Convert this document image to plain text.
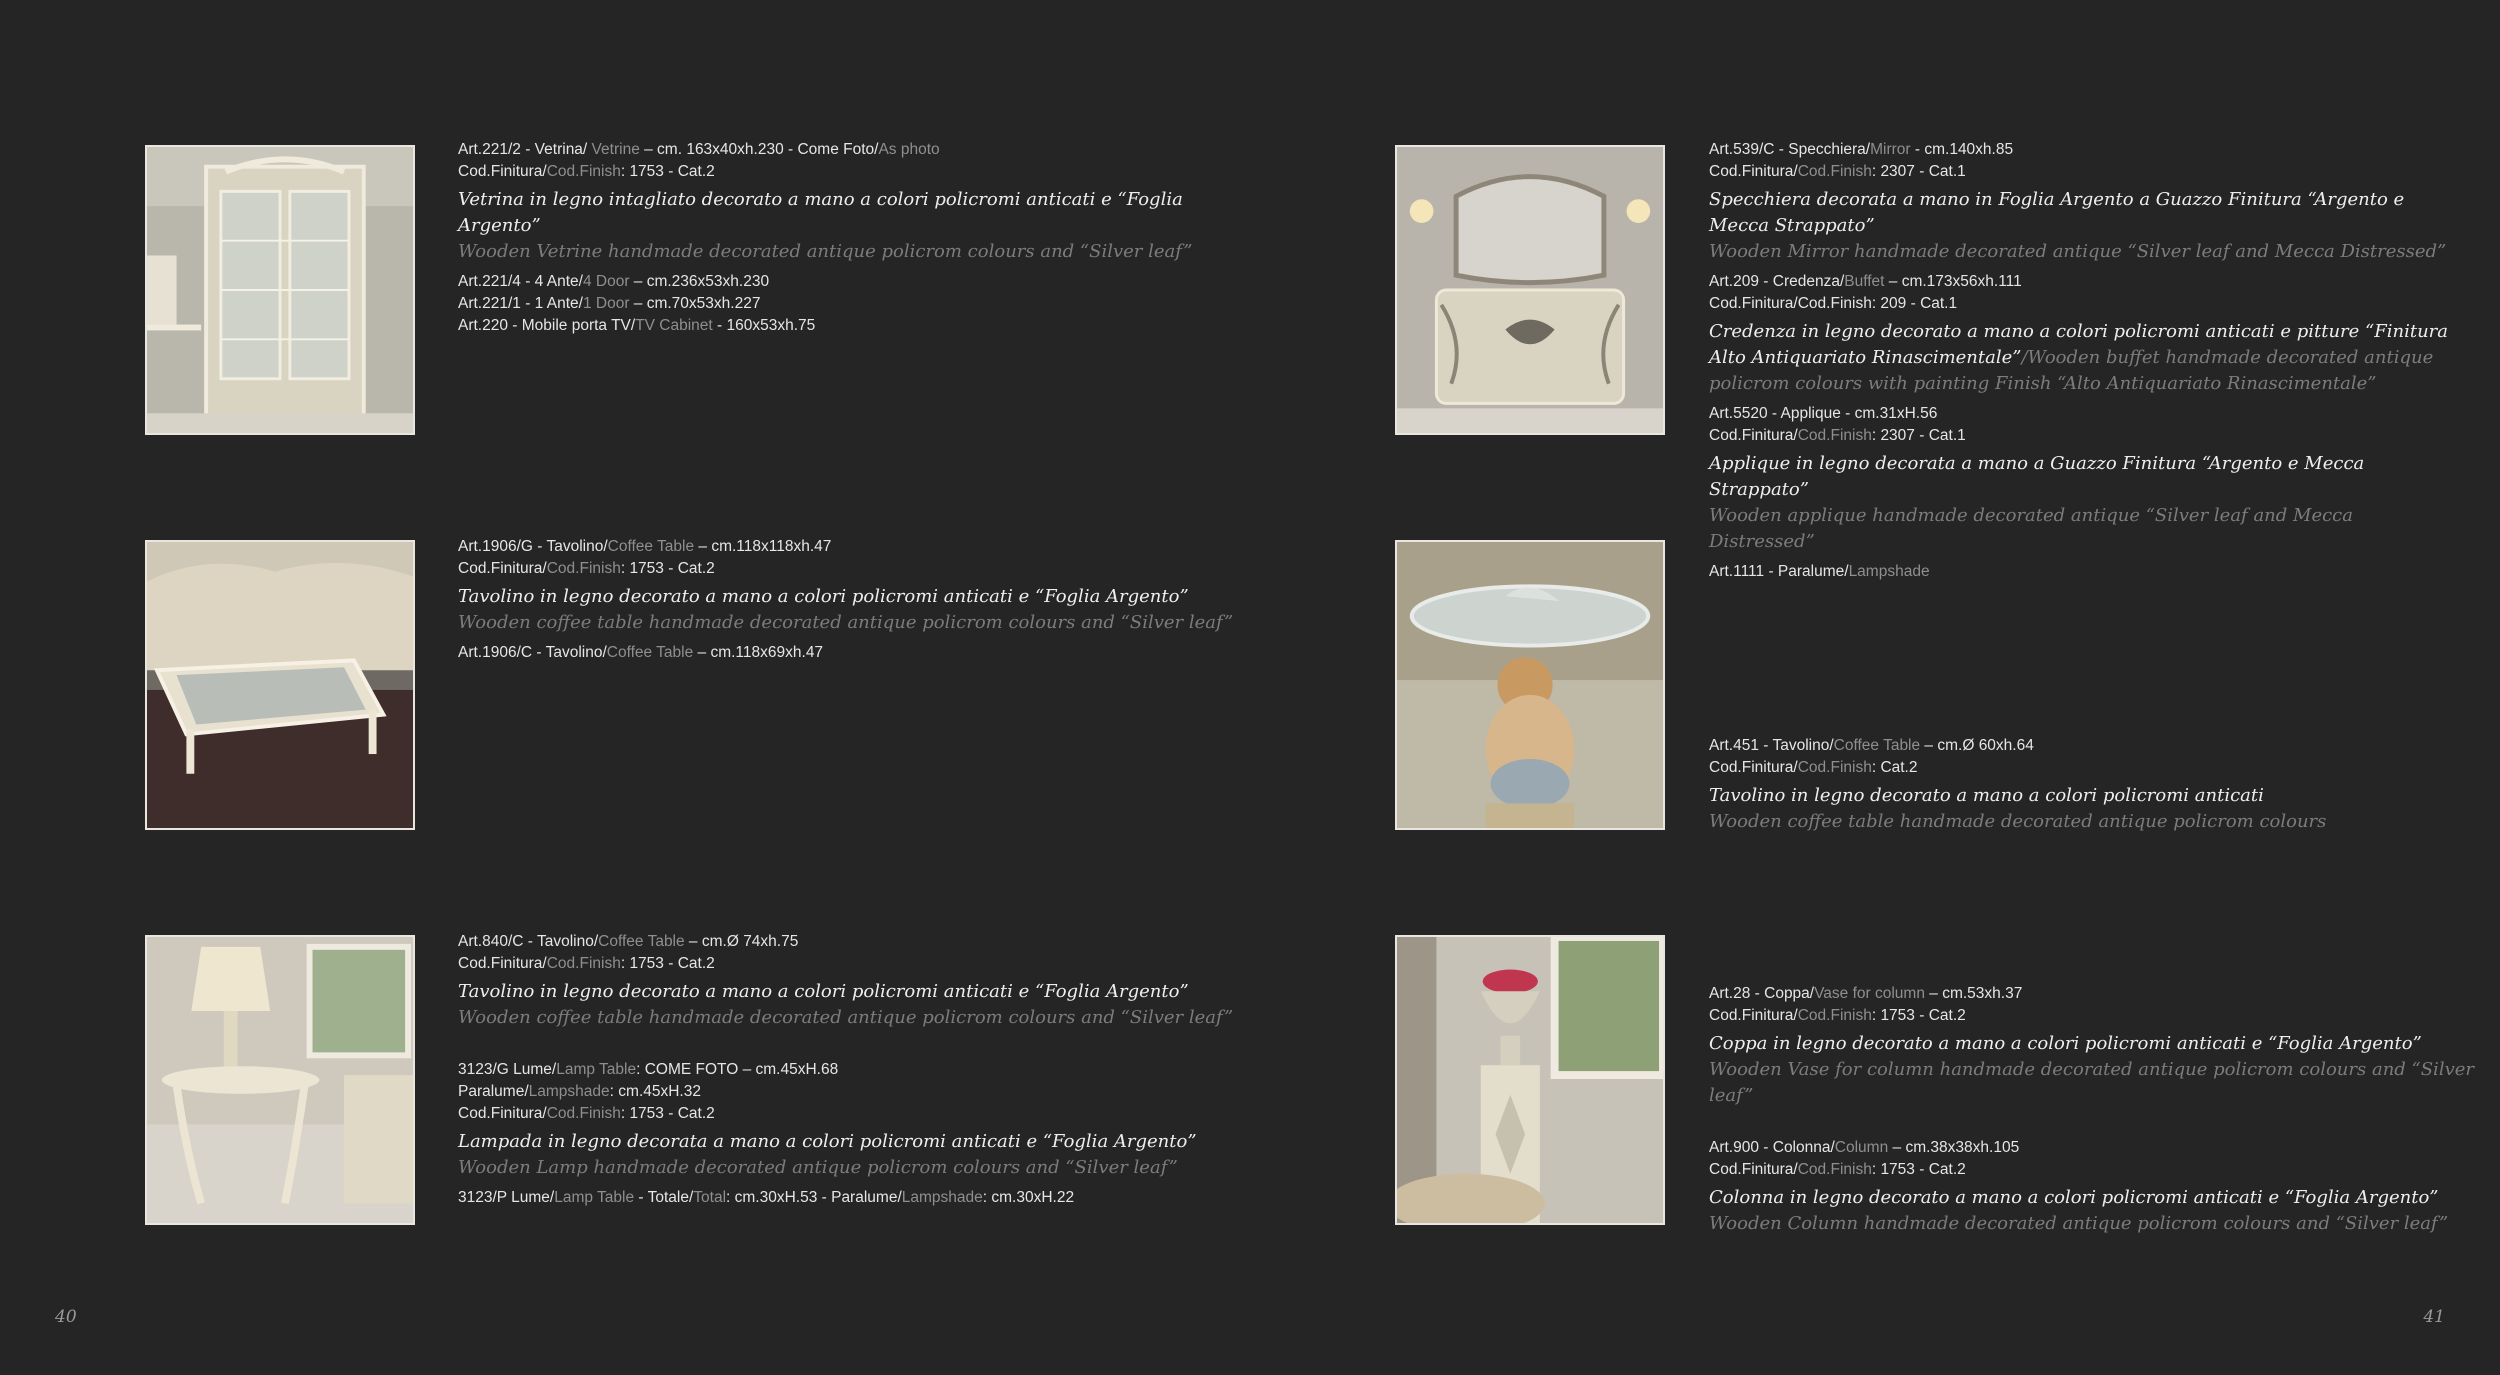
Art.221/2 - Vetrina/ Vetrine – cm. 163x40xh.230 - Come Foto/As photo

Cod.Finitura/Cod.Finish: 1753 - Cat.2

Vetrina in legno intagliato decorato a mano a colori policromi anticati e “Foglia Argento”

Wooden Vetrine handmade decorated antique policrom colours and “Silver leaf”

Art.221/4 - 4 Ante/4 Door – cm.236x53xh.230

Art.221/1 - 1 Ante/1 Door – cm.70x53xh.227

Art.220 - Mobile porta TV/TV Cabinet - 160x53xh.75

Art.1906/G - Tavolino/Coffee Table – cm.118x118xh.47

Cod.Finitura/Cod.Finish: 1753 - Cat.2

Tavolino in legno decorato a mano a colori policromi anticati e “Foglia Argento”

Wooden coffee table handmade decorated antique policrom colours and “Silver leaf”

Art.1906/C - Tavolino/Coffee Table – cm.118x69xh.47

Art.840/C - Tavolino/Coffee Table – cm.Ø 74xh.75

Cod.Finitura/Cod.Finish: 1753 - Cat.2

Tavolino in legno decorato a mano a colori policromi anticati e “Foglia Argento”

Wooden coffee table handmade decorated antique policrom colours and “Silver leaf”

3123/G Lume/Lamp Table: COME FOTO – cm.45xH.68

Paralume/Lampshade: cm.45xH.32

Cod.Finitura/Cod.Finish: 1753 - Cat.2

Lampada in legno decorata a mano a colori policromi anticati e “Foglia Argento”

Wooden Lamp handmade decorated antique policrom colours and “Silver leaf”

3123/P Lume/Lamp Table - Totale/Total: cm.30xH.53 - Paralume/Lampshade: cm.30xH.22

Art.539/C - Specchiera/Mirror - cm.140xh.85

Cod.Finitura/Cod.Finish: 2307 - Cat.1

Specchiera decorata a mano in Foglia Argento a Guazzo Finitura “Argento e Mecca Strappato”

Wooden Mirror handmade decorated antique “Silver leaf and Mecca Distressed”

Art.209 - Credenza/Buffet – cm.173x56xh.111

Cod.Finitura/Cod.Finish: 209 - Cat.1

Credenza in legno decorato a mano a colori policromi anticati e pitture “Finitura Alto Antiquariato Rinascimentale”/Wooden buffet handmade decorated antique policrom colours with painting Finish “Alto Antiquariato Rinascimentale”

Art.5520 - Applique - cm.31xH.56

Cod.Finitura/Cod.Finish: 2307 - Cat.1

Applique in legno decorata a mano a Guazzo Finitura “Argento e Mecca Strappato”

Wooden applique handmade decorated antique “Silver leaf and Mecca Distressed”

Art.1111 - Paralume/Lampshade

Art.451 - Tavolino/Coffee Table – cm.Ø 60xh.64

Cod.Finitura/Cod.Finish: Cat.2

Tavolino in legno decorato a mano a colori policromi anticati

Wooden coffee table handmade decorated antique policrom colours

Art.28 - Coppa/Vase for column – cm.53xh.37

Cod.Finitura/Cod.Finish: 1753 - Cat.2

Coppa in legno decorato a mano a colori policromi anticati e “Foglia Argento”

Wooden Vase for column handmade decorated antique policrom colours and “Silver leaf”

Art.900 - Colonna/Column – cm.38x38xh.105

Cod.Finitura/Cod.Finish: 1753 - Cat.2

Colonna in legno decorato a mano a colori policromi anticati e “Foglia Argento”

Wooden Column handmade decorated antique policrom colours and “Silver leaf”

40	41
